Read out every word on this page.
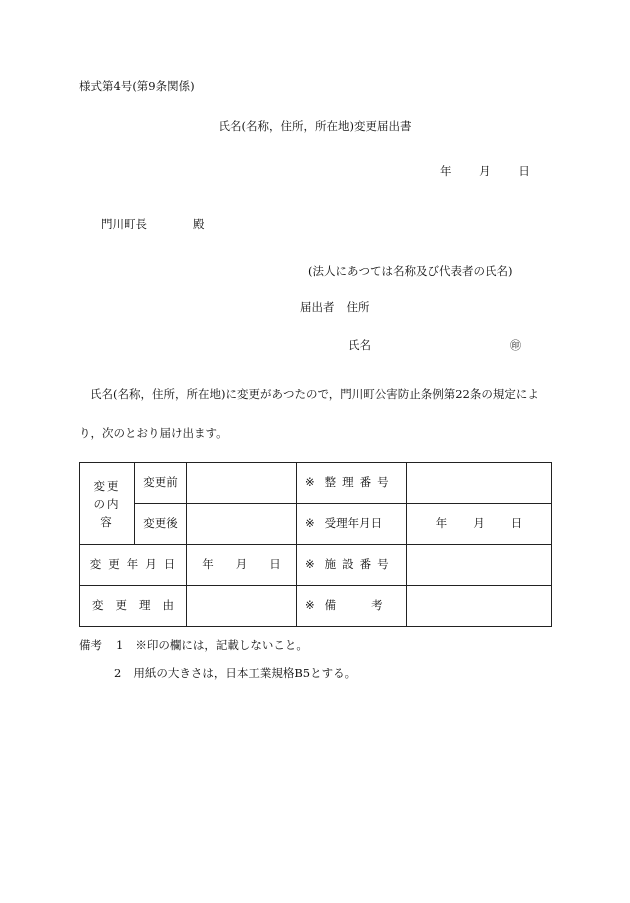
様式第4号(第9条関係)
氏名(名称，住所，所在地)変更届出書
年 月 日
門川町長	殿
(法人にあつては名称及び代表者の氏名)
届出者 住所
氏名	㊞
氏名(名称，住所，所在地)に変更があつたので，門川町公害防止条例第22条の規定によ
り，次のとおり届け出ます。
変更の内　容	変更前		※ 整理番号	
	変更後		※ 受理年月日	年 月 日
変更年月日		年 月 日	※ 施設番号	
変更理由			※ 備　　考	
備考 1 ※印の欄には，記載しないこと。
2 用紙の大きさは，日本工業規格B5とする。
